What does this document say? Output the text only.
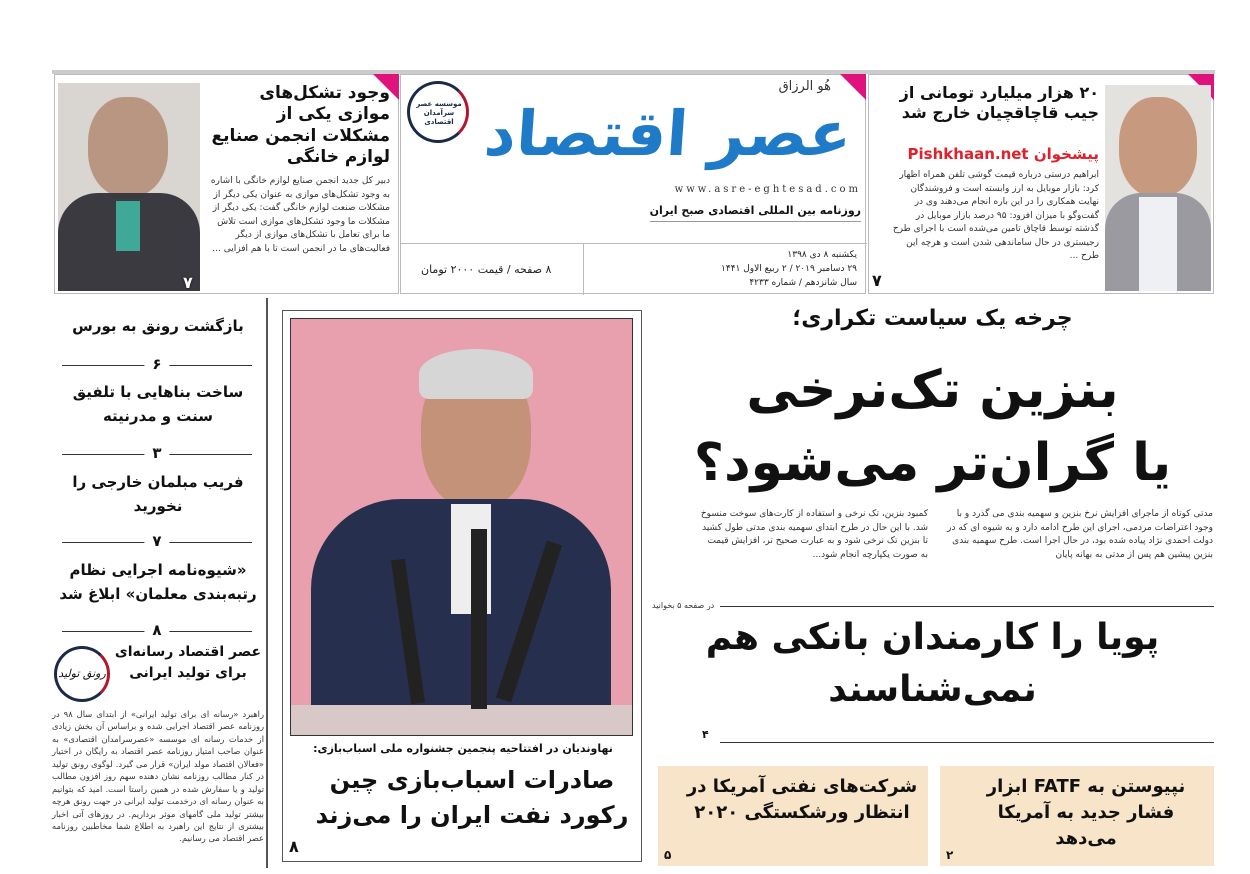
وجود تشکل‌های موازی یکی از مشکلات انجمن صنایع لوازم خانگی
دبیر کل جدید انجمن صنایع لوازم خانگی با اشاره به وجود تشکل‌های موازی به عنوان یکی دیگر از مشکلات صنعت لوازم خانگی گفت: یکی دیگر از مشکلات ما وجود تشکل‌های موازی است تلاش ما برای تعامل با تشکل‌های موازی از دیگر فعالیت‌های ما در انجمن است تا با هم افزایی ...
۷
موسسه عصر سرآمدان اقتصادی
هُو الرزاق
عصر اقتصاد
www.asre-eghtesad.com
روزنامه بین المللی اقتصادی صبح ایران
یکشنبه ۸ دی ۱۳۹۸
۲۹ دسامبر ۲۰۱۹ / ۲ ربیع الاول ۱۴۴۱
سال شانزدهم / شماره ۴۲۳۳
۸ صفحه / قیمت ۲۰۰۰ تومان
۲۰ هزار میلیارد تومانی از جیب قاچاقچیان خارج شد
پیشخوان Pishkhaan.net
ابراهیم درستی درباره قیمت گوشی تلفن همراه اظهار کرد: بازار موبایل به ارز وابسته است و فروشندگان نهایت همکاری را در این باره انجام می‌دهند وی در گفت‌وگو با میزان افزود: ۹۵ درصد بازار موبایل در گذشته توسط قاچاق تامین می‌شده است با اجرای طرح رجیستری در حال ساماندهی شدن است و هرچه این طرح ...
۷
بازگشت رونق به بورس
۶
ساخت بناهایی با تلفیق سنت و مدرنیته
۳
فریب مبلمان خارجی را نخورید
۷
«شیوه‌نامه اجرایی نظام رتبه‌بندی معلمان» ابلاغ شد
۸
رونق تولید
عصر اقتصاد رسانه‌ای برای تولید ایرانی
راهبرد «رسانه ای برای تولید ایرانی» از ابتدای سال ۹۸ در روزنامه عصر اقتصاد اجرایی شده و براساس آن بخش زیادی از خدمات رسانه ای موسسه «عصرسرامدان اقتصادی» به عنوان صاحب امتیاز روزنامه عصر اقتصاد به رایگان در اختیار «فعالان اقتصاد مولد ایران» قرار می گیرد. لوگوی رونق تولید در کنار مطالب روزنامه نشان دهنده سهم روز افزون مطالب تولید و یا سفارش شده در همین راستا است. امید که بتوانیم به عنوان رسانه ای درخدمت تولید ایرانی در جهت رونق هرچه بیشتر تولید ملی گامهای موثر برداریم. در روزهای آتی اخبار بیشتری از نتایج این راهبرد به اطلاع شما مخاطبین روزنامه عصر اقتصاد می رسانیم.
نهاوندیان در افتتاحیه پنجمین جشنواره ملی اسباب‌بازی:
صادرات اسباب‌بازی چین
رکورد نفت ایران را می‌زند
۸
چرخه یک سیاست تکراری؛
بنزین تک‌نرخی
یا گران‌تر می‌شود؟
مدتی کوتاه از ماجرای افزایش نرخ بنزین و سهمیه بندی می گذرد و با وجود اعتراضات مردمی، اجرای این طرح ادامه دارد و به شیوه ای که در دولت احمدی نژاد پیاده شده بود، در حال اجرا است. طرح سهمیه بندی بنزین پیشین هم پس از مدتی به بهانه پایان
کمبود بنزین، تک نرخی و استفاده از کارت‌های سوخت منسوخ شد. با این حال در طرح ابتدای سهمیه بندی مدتی طول کشید تا بنزین تک نرخی شود و به عبارت صحیح تر، افزایش قیمت به صورت یکپارچه انجام شود...
در صفحه ۵ بخوانید
پویا را کارمندان بانکی هم نمی‌شناسند
۴
نپیوستن به FATF ابزار فشار جدید به آمریکا می‌دهد
۲
شرکت‌های نفتی آمریکا در انتظار ورشکستگی ۲۰۲۰
۵
